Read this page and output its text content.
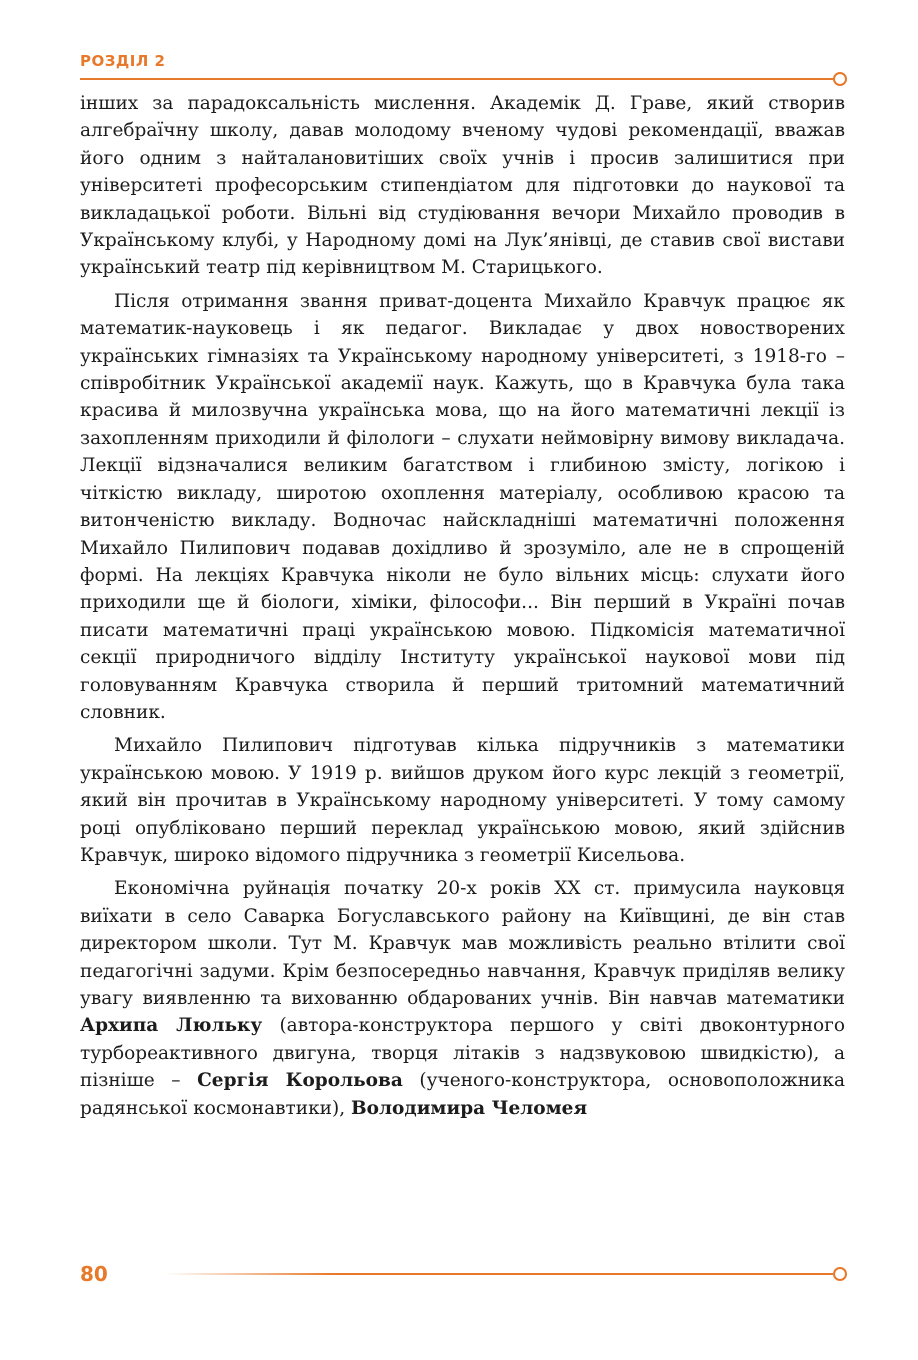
РОЗДІЛ 2

інших за парадоксальність мислення. Академік Д. Граве, який створив алгебраїчну школу, давав молодому вченому чудові рекомендації, вважав його одним з найталановитіших своїх учнів і просив залишитися при університеті професорським стипендіатом для підготовки до наукової та викладацької роботи. Вільні від студіювання вечори Михайло проводив в Українському клубі, у Народному домі на Лук’янівці, де ставив свої вистави український театр під керівництвом М. Старицького.

Після отримання звання приват-доцента Михайло Кравчук працює як математик-науковець і як педагог. Викладає у двох новостворених українських гімназіях та Українському народному університеті, з 1918-го – співробітник Української академії наук. Кажуть, що в Кравчука була така красива й милозвучна українська мова, що на його математичні лекції із захопленням приходили й філологи – слухати неймовірну вимову викладача. Лекції відзначалися великим багатством і глибиною змісту, логікою і чіткістю викладу, широтою охоплення матеріалу, особливою красою та витонченістю викладу. Водночас найскладніші математичні положення Михайло Пилипович подавав дохідливо й зрозуміло, але не в спрощеній формі. На лекціях Кравчука ніколи не було вільних місць: слухати його приходили ще й біологи, хіміки, філософи... Він перший в Україні почав писати математичні праці українською мовою. Підкомісія математичної секції природничого відділу Інституту української наукової мови під головуванням Кравчука створила й перший тритомний математичний словник.

Михайло Пилипович підготував кілька підручників з математики українською мовою. У 1919 р. вийшов друком його курс лекцій з геометрії, який він прочитав в Українському народному університеті. У тому самому році опубліковано перший переклад українською мовою, який здійснив Кравчук, широко відомого підручника з геометрії Кисельова.

Економічна руйнація початку 20-х років XX ст. примусила науковця виїхати в село Саварка Богуславського району на Київщині, де він став директором школи. Тут М. Кравчук мав можливість реально втілити свої педагогічні задуми. Крім безпосередньо навчання, Кравчук приділяв велику увагу виявленню та вихованню обдарованих учнів. Він навчав математики Архипа Люльку (автора-конструктора першого у світі двоконтурного турбореактивного двигуна, творця літаків з надзвуковою швидкістю), а пізніше – Сергія Корольова (ученого-конструктора, основоположника радянської космонавтики), Володимира Челомея

80
